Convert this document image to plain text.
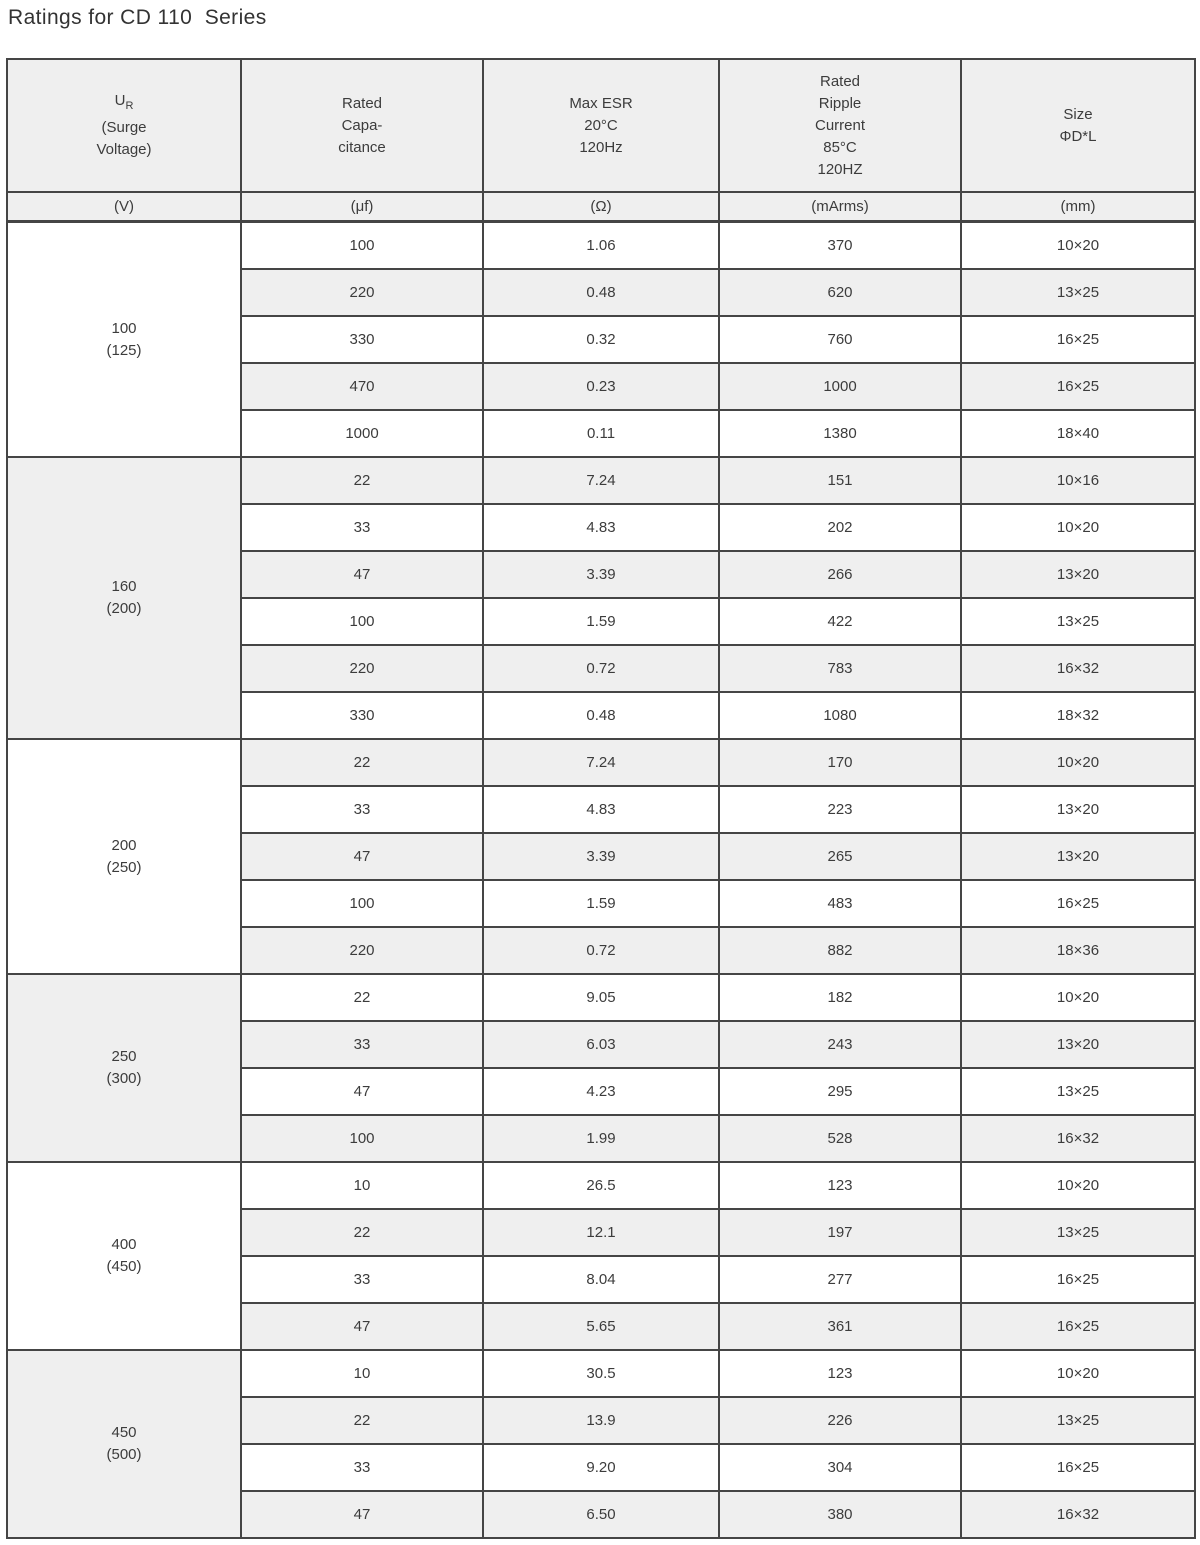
Ratings for CD 110  Series
$U_R$
(Surge
Voltage)

Rated
Capa-
citance

Max ESR
20°C
120Hz

Rated
Ripple
Current
85°C
120HZ

Size
ΦD*L

(V)	(μf)	(Ω)	(mArms)	(mm)

100
(125)	100	1.06	370	10×20
	220	0.48	620	13×25
	330	0.32	760	16×25
	470	0.23	1000	16×25
	1000	0.11	1380	18×40

160
(200)	22	7.24	151	10×16
	33	4.83	202	10×20
	47	3.39	266	13×20
	100	1.59	422	13×25
	220	0.72	783	16×32
	330	0.48	1080	18×32

200
(250)	22	7.24	170	10×20
	33	4.83	223	13×20
	47	3.39	265	13×20
	100	1.59	483	16×25
	220	0.72	882	18×36

250
(300)	22	9.05	182	10×20
	33	6.03	243	13×20
	47	4.23	295	13×25
	100	1.99	528	16×32

400
(450)	10	26.5	123	10×20
	22	12.1	197	13×25
	33	8.04	277	16×25
	47	5.65	361	16×25

450
(500)	10	30.5	123	10×20
	22	13.9	226	13×25
	33	9.20	304	16×25
	47	6.50	380	16×32
